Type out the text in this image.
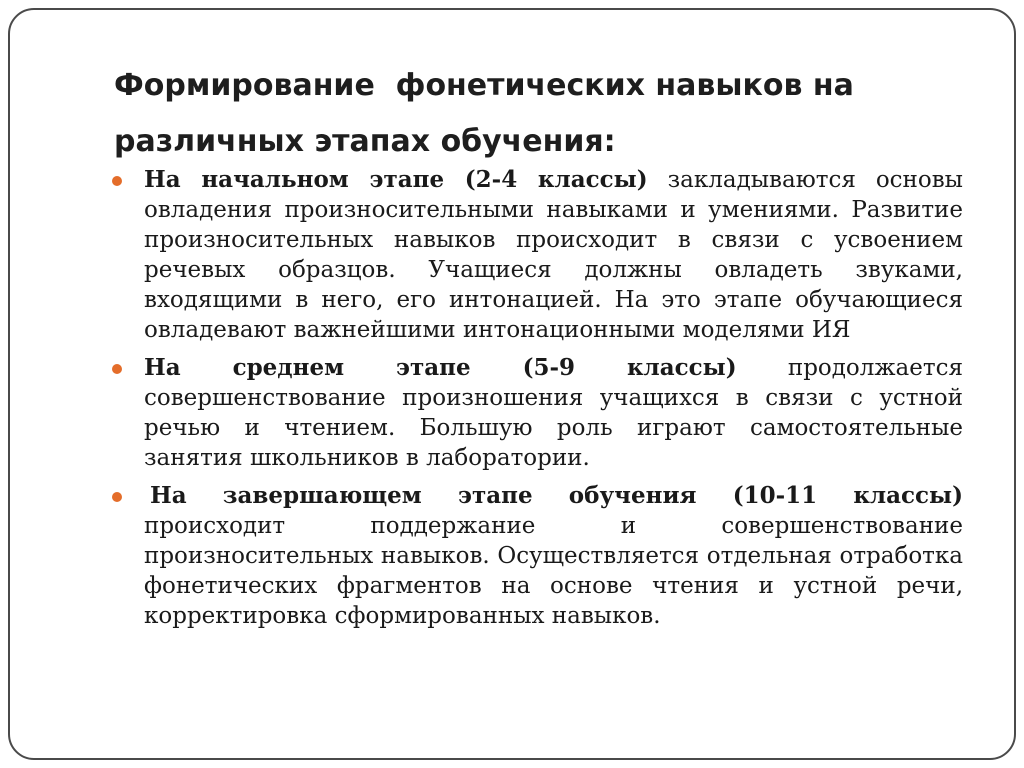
Формирование  фонетических навыков на различных этапах обучения:
На начальном этапе (2-4 классы) закладываются основы овладения произносительными навыками и умениями. Развитие произносительных навыков происходит в связи с усвоением речевых образцов. Учащиеся должны овладеть звуками, входящими в него, его интонацией. На это этапе обучающиеся овладевают важнейшими интонационными моделями ИЯ
На среднем этапе (5-9 классы) продолжается совершенствование произношения учащихся в связи с устной речью и чтением. Большую роль играют самостоятельные занятия школьников в лаборатории.
На завершающем этапе обучения (10-11 классы) происходит поддержание и совершенствование произносительных навыков. Осуществляется отдельная отработка фонетических фрагментов на основе чтения и устной речи, корректировка сформированных навыков.
